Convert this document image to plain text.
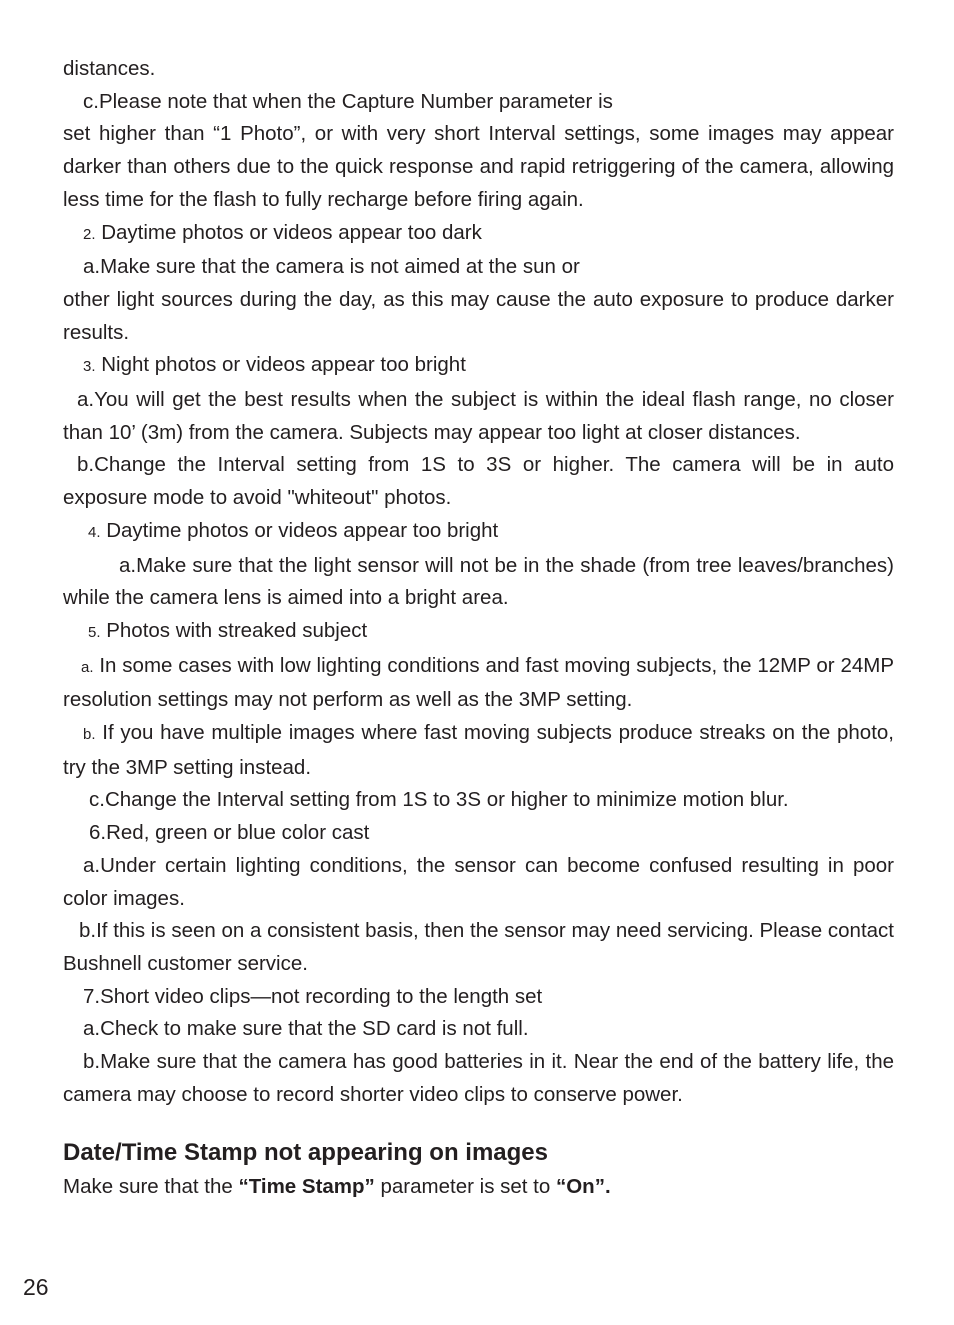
distances.

c.Please note that when the Capture Number parameter is

set higher than “1 Photo”, or with very short Interval settings, some images may appear darker than others due to the quick response and rapid retriggering of the camera, allowing less time for the flash to fully recharge before firing again.

2. Daytime photos or videos appear too dark

a.Make sure that the camera is not aimed at the sun or

other light sources during the day, as this may cause the auto exposure to produce darker results.

3. Night photos or videos appear too bright

a.You will get the best results when the subject is within the ideal flash range, no closer than 10’ (3m) from the camera. Subjects may appear too light at closer distances.

b.Change the Interval setting from 1S to 3S or higher. The camera will be in auto exposure mode to avoid "whiteout" photos.

4. Daytime photos or videos appear too bright

a.Make sure that the light sensor will not be in the shade (from tree leaves/branches) while the camera lens is aimed into a bright area.

5. Photos with streaked subject

a. In some cases with low lighting conditions and fast moving subjects, the 12MP or 24MP resolution settings may not perform as well as the 3MP setting.

b. If you have multiple images where fast moving subjects produce streaks on the photo, try the 3MP setting instead.

c.Change the Interval setting from 1S to 3S or higher to minimize motion blur.

6.Red, green or blue color cast

a.Under certain lighting conditions, the sensor can become confused resulting in poor color images.

b.If this is seen on a consistent basis, then the sensor may need servicing. Please contact Bushnell customer service.

7.Short video clips—not recording to the length set

a.Check to make sure that the SD card is not full.

b.Make sure that the camera has good batteries in it. Near the end of the battery life, the camera may choose to record shorter video clips to conserve power.

Date/Time Stamp not appearing on images

Make sure that the “Time Stamp” parameter is set to “On”.

26
